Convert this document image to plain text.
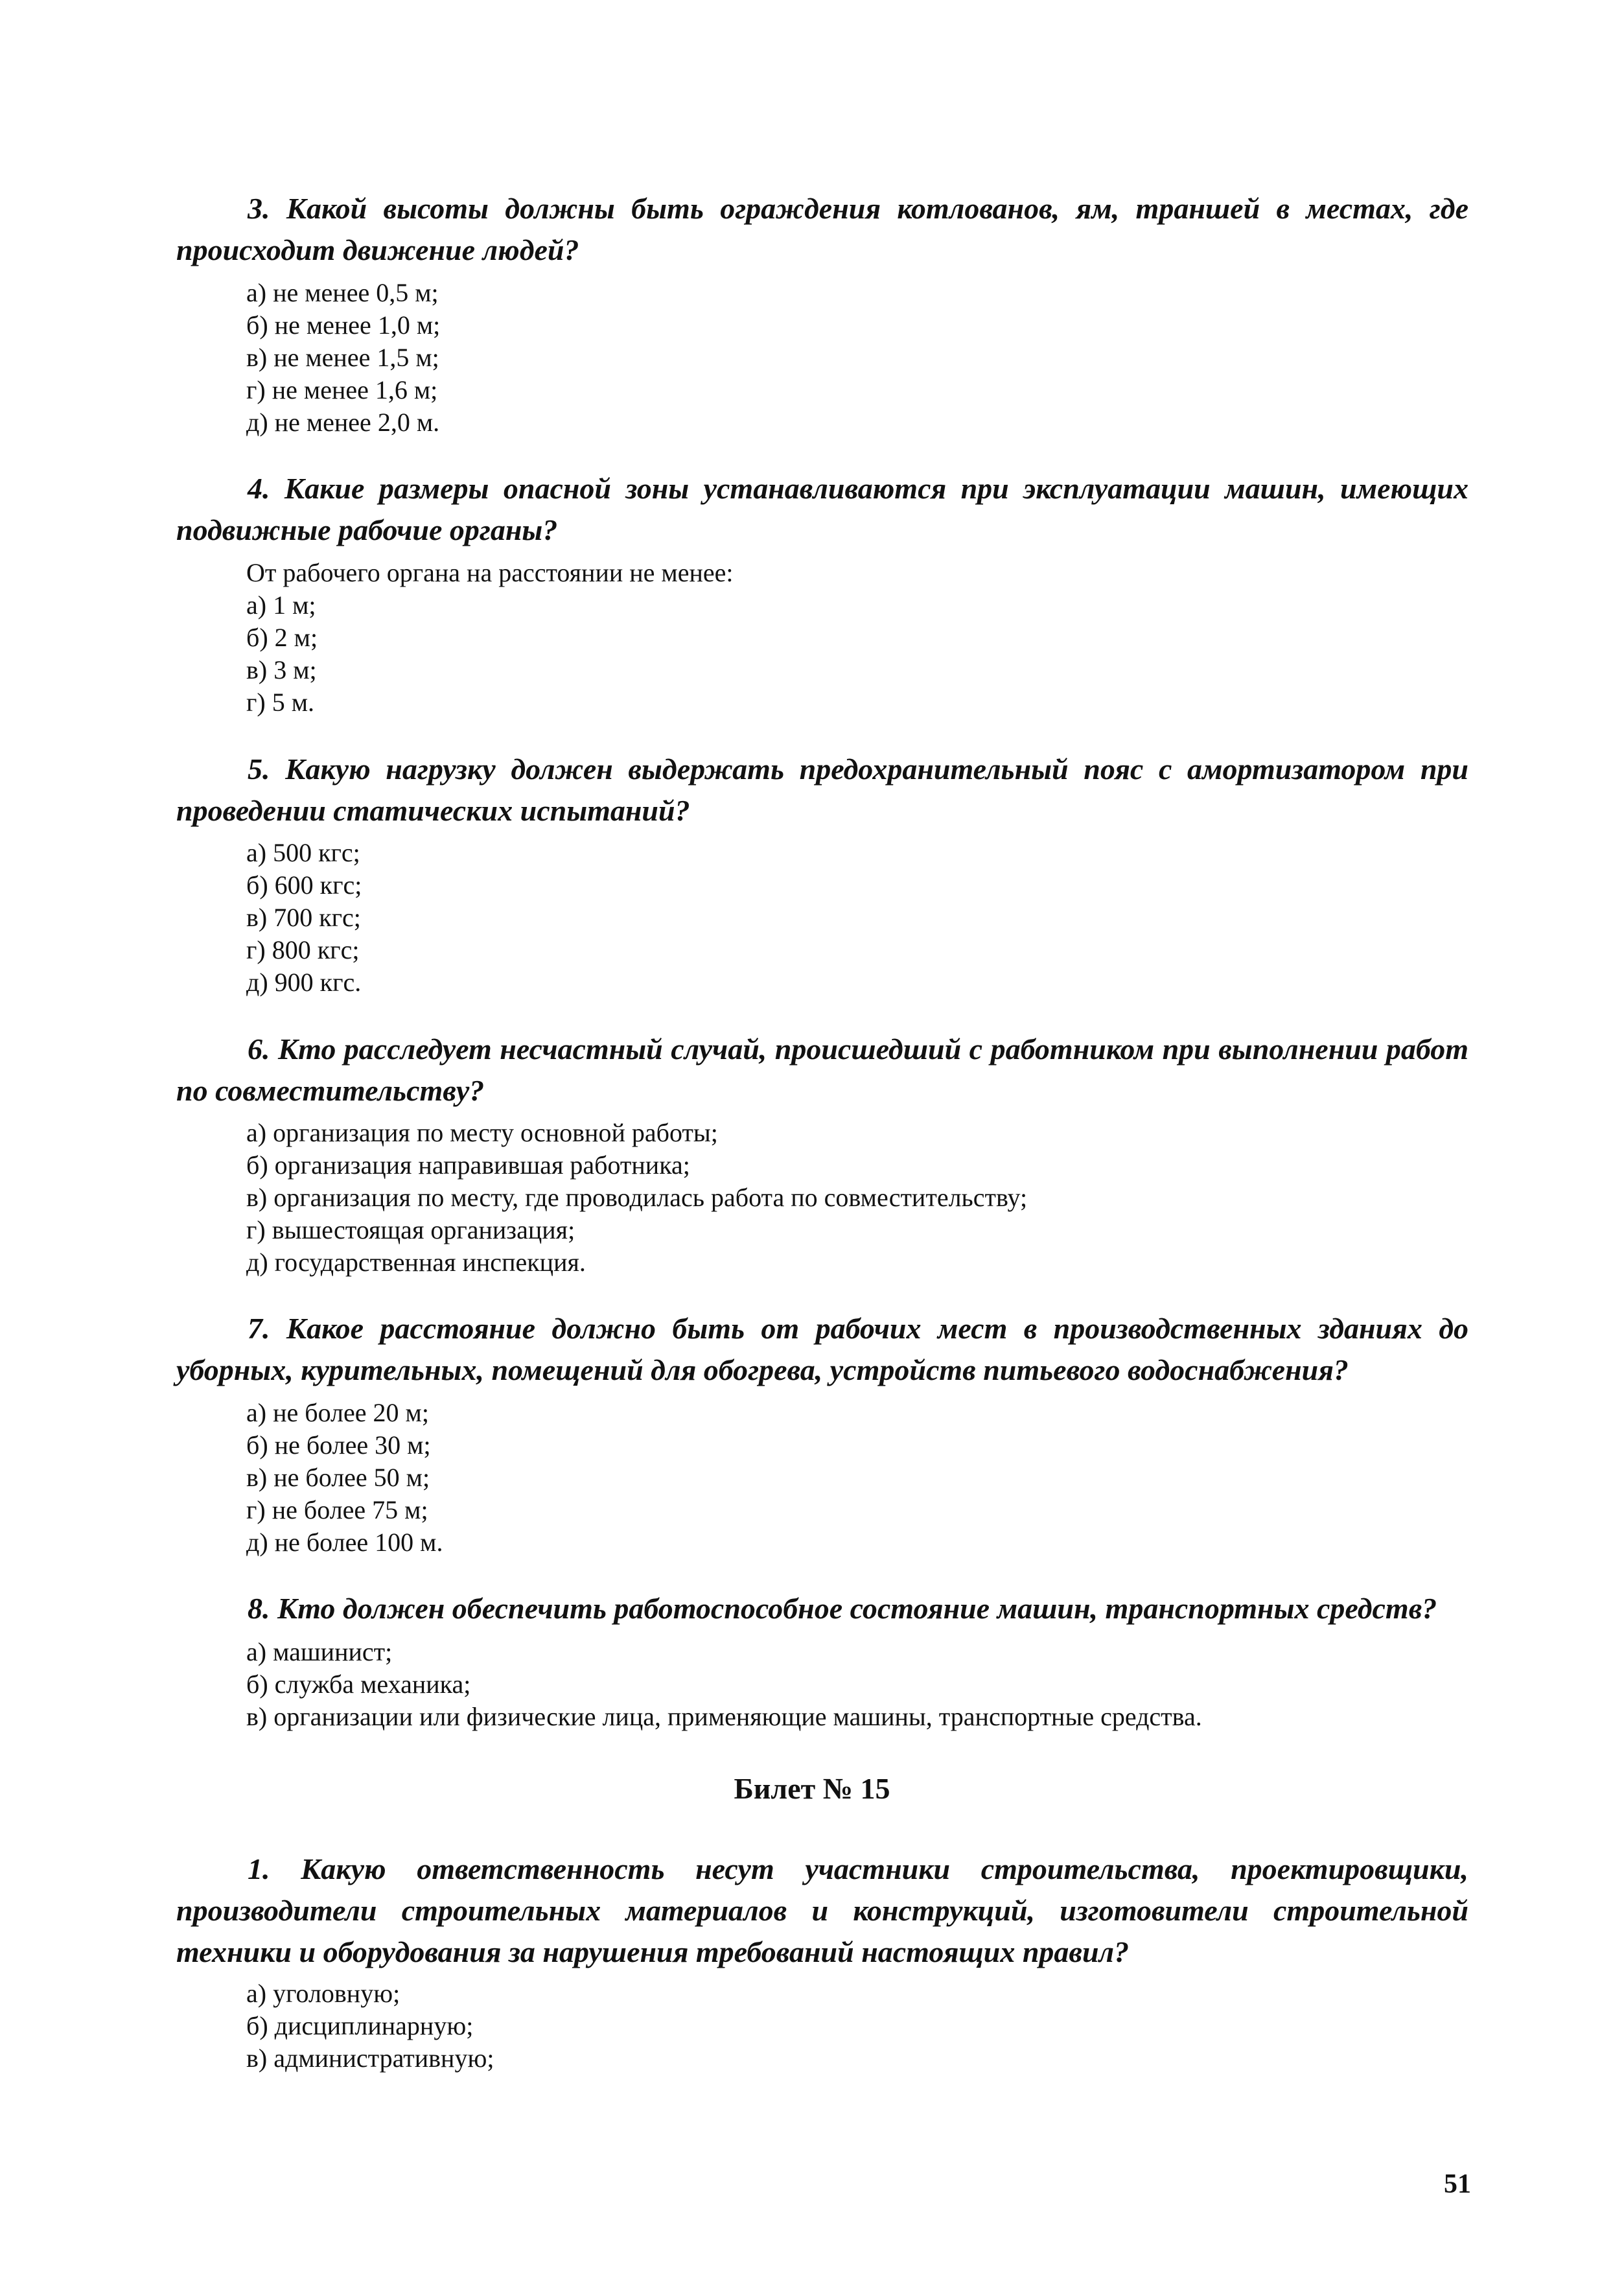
3. Какой высоты должны быть ограждения котлованов, ям, траншей в местах, где происходит движение людей?
а) не менее 0,5 м;
б) не менее 1,0 м;
в) не менее 1,5 м;
г) не менее 1,6 м;
д) не менее 2,0 м.
4. Какие размеры опасной зоны устанавливаются при эксплуатации машин, имеющих подвижные рабочие органы?
От рабочего органа на расстоянии не менее:
а) 1 м;
б) 2 м;
в) 3 м;
г) 5 м.
5. Какую нагрузку должен выдержать предохранительный пояс с амортизатором при проведении статических испытаний?
а) 500 кгс;
б) 600 кгс;
в) 700 кгс;
г) 800 кгс;
д) 900 кгс.
6. Кто расследует несчастный случай, происшедший с работником при выполнении работ по совместительству?
а) организация по месту основной работы;
б) организация направившая работника;
в) организация по месту, где проводилась работа по совместительству;
г) вышестоящая организация;
д) государственная инспекция.
7. Какое расстояние должно быть от рабочих мест в производственных зданиях до уборных, курительных, помещений для обогрева, устройств питьевого водоснабжения?
а) не более 20 м;
б) не более 30 м;
в) не более 50 м;
г) не более 75 м;
д) не более 100 м.
8. Кто должен обеспечить работоспособное состояние машин, транспортных средств?
а) машинист;
б) служба механика;
в) организации или физические лица, применяющие машины, транспортные средства.
Билет № 15
1. Какую ответственность несут участники строительства, проектировщики, производители строительных материалов и конструкций, изготовители строительной техники и оборудования за нарушения требований настоящих правил?
а) уголовную;
б) дисциплинарную;
в) административную;
51
